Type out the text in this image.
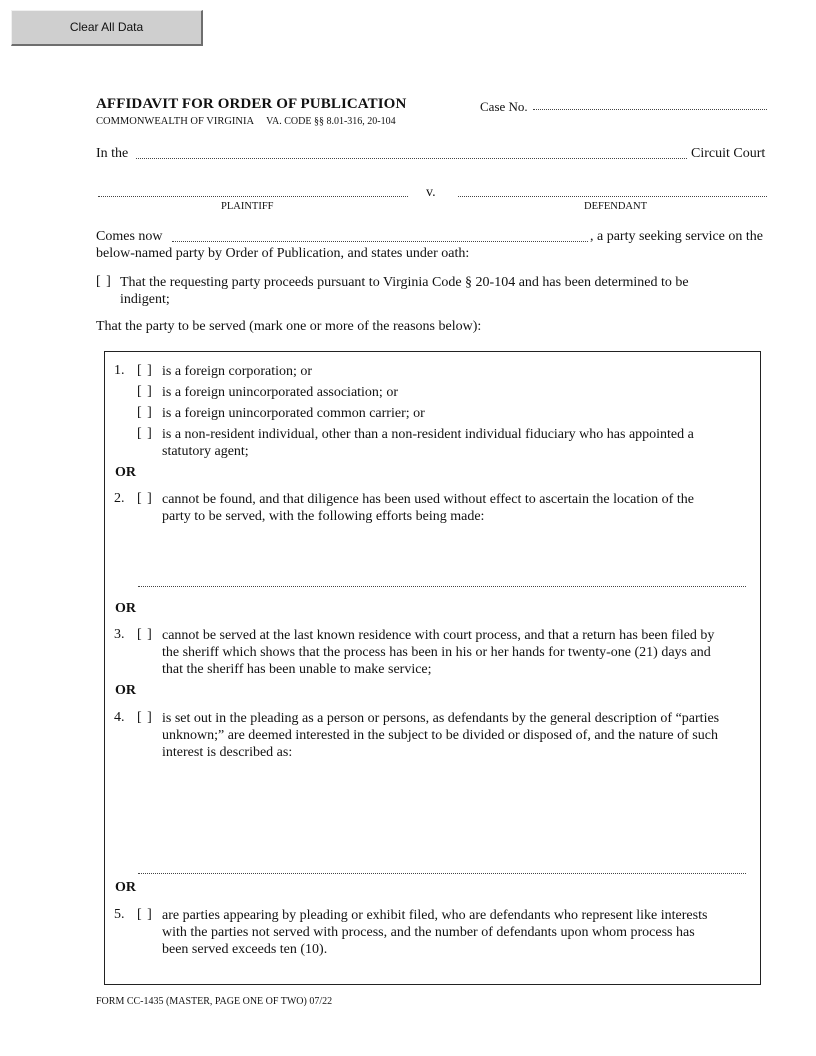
Clear All Data
AFFIDAVIT FOR ORDER OF PUBLICATION
COMMONWEALTH OF VIRGINIA VA. CODE §§ 8.01-316, 20-104
Case No.
In the	Circuit Court
v.
PLAINTIFF	DEFENDANT
Comes now	, a party seeking service on the
below-named party by Order of Publication, and states under oath:
[ ] That the requesting party proceeds pursuant to Virginia Code § 20-104 and has been determined to be
indigent;
That the party to be served (mark one or more of the reasons below):
1. [ ] is a foreign corporation; or
[ ] is a foreign unincorporated association; or
[ ] is a foreign unincorporated common carrier; or
[ ] is a non-resident individual, other than a non-resident individual fiduciary who has appointed a
statutory agent;
OR
2. [ ] cannot be found, and that diligence has been used without effect to ascertain the location of the
party to be served, with the following efforts being made:
OR
3. [ ] cannot be served at the last known residence with court process, and that a return has been filed by
the sheriff which shows that the process has been in his or her hands for twenty-one (21) days and
that the sheriff has been unable to make service;
OR
4. [ ] is set out in the pleading as a person or persons, as defendants by the general description of “parties
unknown;” are deemed interested in the subject to be divided or disposed of, and the nature of such
interest is described as:
OR
5. [ ] are parties appearing by pleading or exhibit filed, who are defendants who represent like interests
with the parties not served with process, and the number of defendants upon whom process has
been served exceeds ten (10).
FORM CC-1435 (MASTER, PAGE ONE OF TWO) 07/22
